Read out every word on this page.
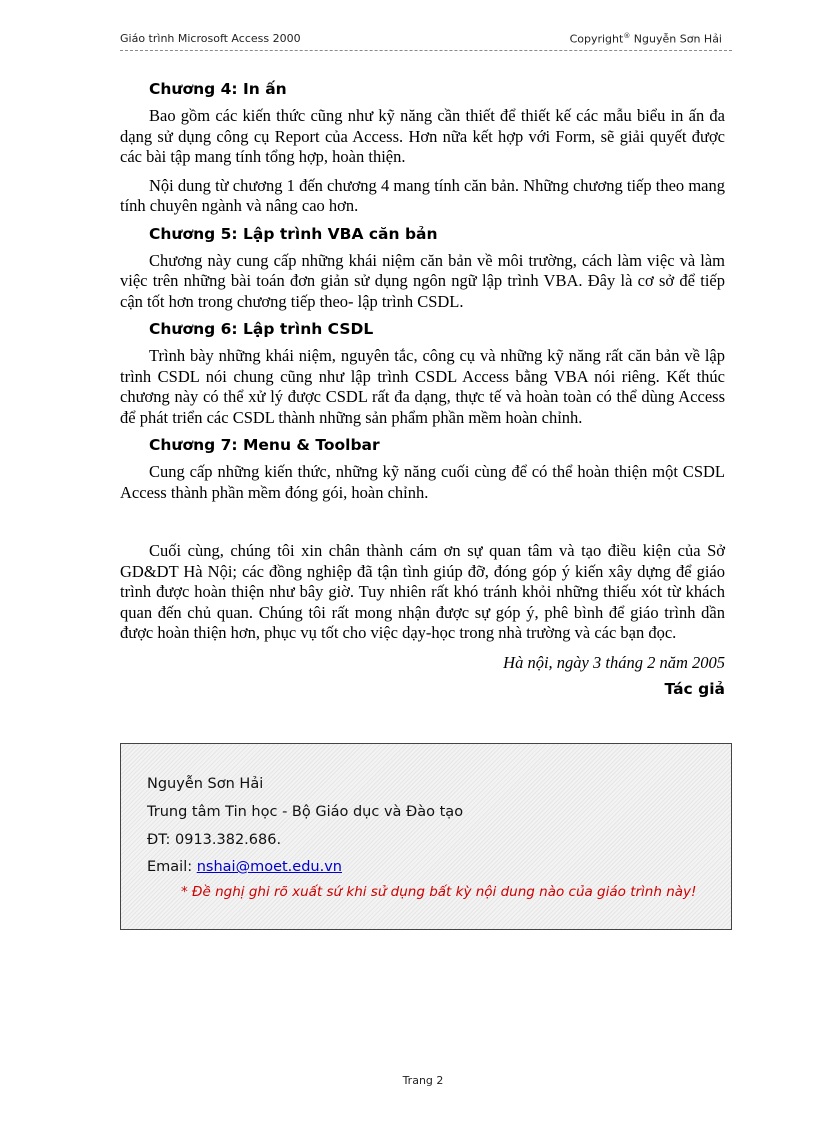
Giáo trình Microsoft Access 2000	Copyright® Nguyễn Sơn Hải
Chương 4: In ấn

Bao gồm các kiến thức cũng như kỹ năng cần thiết để thiết kế các mẫu biểu in ấn đa dạng sử dụng công cụ Report của Access. Hơn nữa kết hợp với Form, sẽ giải quyết được các bài tập mang tính tổng hợp, hoàn thiện.

Nội dung từ chương 1 đến chương 4 mang tính căn bản. Những chương tiếp theo mang tính chuyên ngành và nâng cao hơn.

Chương 5: Lập trình VBA căn bản

Chương này cung cấp những khái niệm căn bản về môi trường, cách làm việc và làm việc trên những bài toán đơn giản sử dụng ngôn ngữ lập trình VBA. Đây là cơ sở để tiếp cận tốt hơn trong chương tiếp theo- lập trình CSDL.

Chương 6: Lập trình CSDL

Trình bày những khái niệm, nguyên tắc, công cụ và những kỹ năng rất căn bản về lập trình CSDL nói chung cũng như lập trình CSDL Access bằng VBA nói riêng. Kết thúc chương này có thể xử lý được CSDL rất đa dạng, thực tế và hoàn toàn có thể dùng Access để phát triển các CSDL thành những sản phẩm phần mềm hoàn chỉnh.

Chương 7: Menu & Toolbar

Cung cấp những kiến thức, những kỹ năng cuối cùng để có thể hoàn thiện một CSDL Access thành phần mềm đóng gói, hoàn chỉnh.

Cuối cùng, chúng tôi xin chân thành cám ơn sự quan tâm và tạo điều kiện của Sở GD&DT Hà Nội; các đồng nghiệp đã tận tình giúp đỡ, đóng góp ý kiến xây dựng để giáo trình được hoàn thiện như bây giờ. Tuy nhiên rất khó tránh khỏi những thiếu xót từ khách quan đến chủ quan. Chúng tôi rất mong nhận được sự góp ý, phê bình để giáo trình dần được hoàn thiện hơn, phục vụ tốt cho việc dạy-học trong nhà trường và các bạn đọc.

Hà nội, ngày 3 tháng 2 năm 2005

Tác giả

Nguyễn Sơn Hải
Trung tâm Tin học - Bộ Giáo dục và Đào tạo
ĐT: 0913.382.686.
Email: nshai@moet.edu.vn
* Đề nghị ghi rõ xuất sứ khi sử dụng bất kỳ nội dung nào của giáo trình này!
Trang 2
